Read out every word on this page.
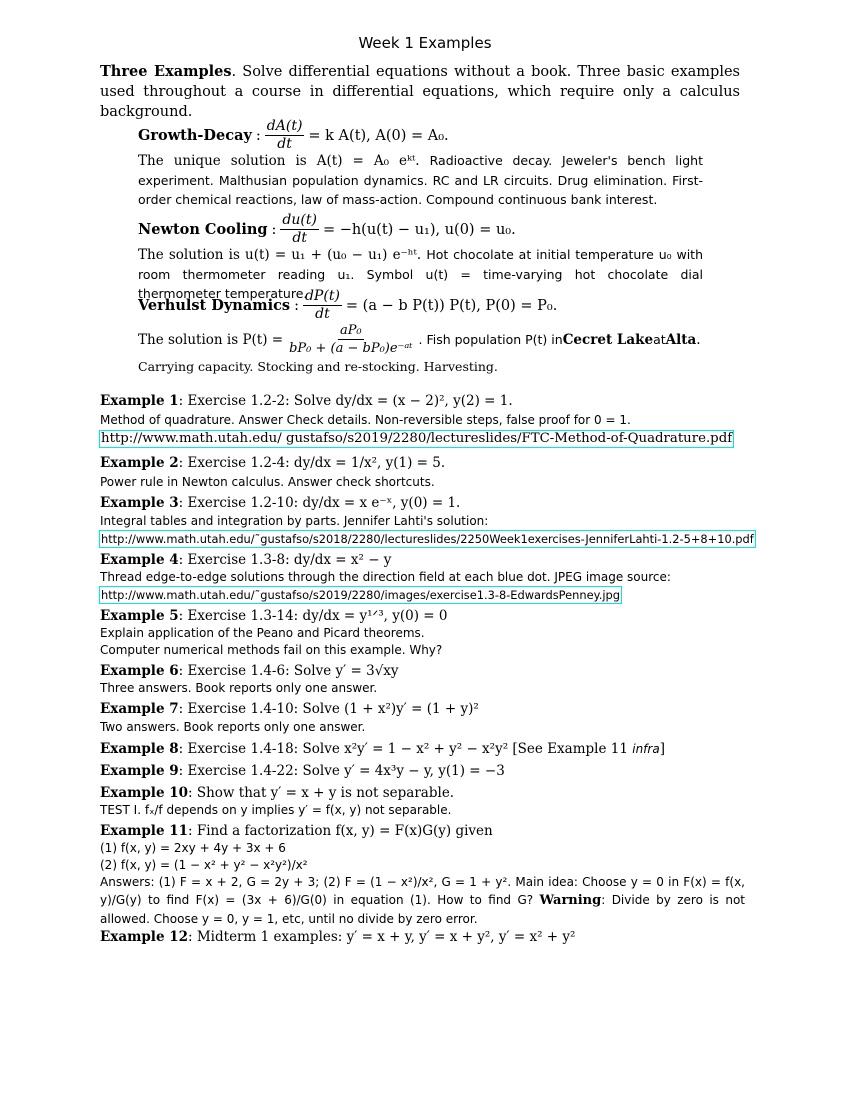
Week 1 Examples
Three Examples. Solve differential equations without a book. Three basic examples used throughout a course in differential equations, which require only a calculus background.
Growth-Decay : $\frac{dA(t)}{dt} = k$ A(t), A(0) = A₀.
The unique solution is A(t) = A₀ eᵏᵗ. Radioactive decay. Jeweler's bench light experiment. Malthusian population dynamics. RC and LR circuits. Drug elimination. First-order chemical reactions, law of mass-action. Compound continuous bank interest.
Newton Cooling : $\frac{du(t)}{dt} = -h(u(t) - u_1)$, u(0) = u₀.
The solution is u(t) = u₁ + (u₀ − u₁) e⁻ʰᵗ. Hot chocolate at initial temperature u₀ with room thermometer reading u₁. Symbol u(t) = time-varying hot chocolate dial thermometer temperature.
Verhulst Dynamics : $\frac{dP(t)}{dt} = (a - b$ P(t)) P(t), P(0) = P₀.
The solution is $P(t) = \frac{\text{aP₀}}{\text{bP₀ + (a − bP₀)e⁻ᵃᵗ}}$ . Fish population P(t) in Cecret Lake at Alta .
Carrying capacity. Stocking and re-stocking. Harvesting.
Example 1: Exercise 1.2-2: Solve dy/dx = (x − 2)², y(2) = 1.
Method of quadrature. Answer Check details. Non-reversible steps, false proof for 0 = 1.
http://www.math.utah.edu/ gustafso/s2019/2280/lectureslides/FTC-Method-of-Quadrature.pdf
Example 2: Exercise 1.2-4: dy/dx = 1/x², y(1) = 5.
Power rule in Newton calculus. Answer check shortcuts.
Example 3: Exercise 1.2-10: dy/dx = x e⁻ˣ, y(0) = 1.
Integral tables and integration by parts. Jennifer Lahti's solution:
http://www.math.utah.edu/˜gustafso/s2018/2280/lectureslides/2250Week1exercises-JenniferLahti-1.2-5+8+10.pdf
Example 4: Exercise 1.3-8: dy/dx = x² − y
Thread edge-to-edge solutions through the direction field at each blue dot. JPEG image source:
http://www.math.utah.edu/˜gustafso/s2019/2280/images/exercise1.3-8-EdwardsPenney.jpg
Example 5: Exercise 1.3-14: dy/dx = y¹ᐟ³, y(0) = 0
Explain application of the Peano and Picard theorems.
Computer numerical methods fail on this example. Why?
Example 6: Exercise 1.4-6: Solve y′ = 3√xy
Three answers. Book reports only one answer.
Example 7: Exercise 1.4-10: Solve (1 + x²)y′ = (1 + y)²
Two answers. Book reports only one answer.
Example 8: Exercise 1.4-18: Solve x²y′ = 1 − x² + y² − x²y² [See Example 11 infra]
Example 9: Exercise 1.4-22: Solve y′ = 4x³y − y, y(1) = −3
Example 10: Show that y′ = x + y is not separable.
TEST I. fₓ/f depends on y implies y′ = f(x, y) not separable.
Example 11: Find a factorization f(x, y) = F(x)G(y) given
(1) f(x, y) = 2xy + 4y + 3x + 6
(2) f(x, y) = (1 − x² + y² − x²y²)/x²
Answers: (1) F = x + 2, G = 2y + 3; (2) F = (1 − x²)/x², G = 1 + y². Main idea: Choose y = 0 in F(x) = f(x, y)/G(y) to find F(x) = (3x + 6)/G(0) in equation (1). How to find G? Warning: Divide by zero is not allowed. Choose y = 0, y = 1, etc, until no divide by zero error.
Example 12: Midterm 1 examples: y′ = x + y, y′ = x + y², y′ = x² + y²
